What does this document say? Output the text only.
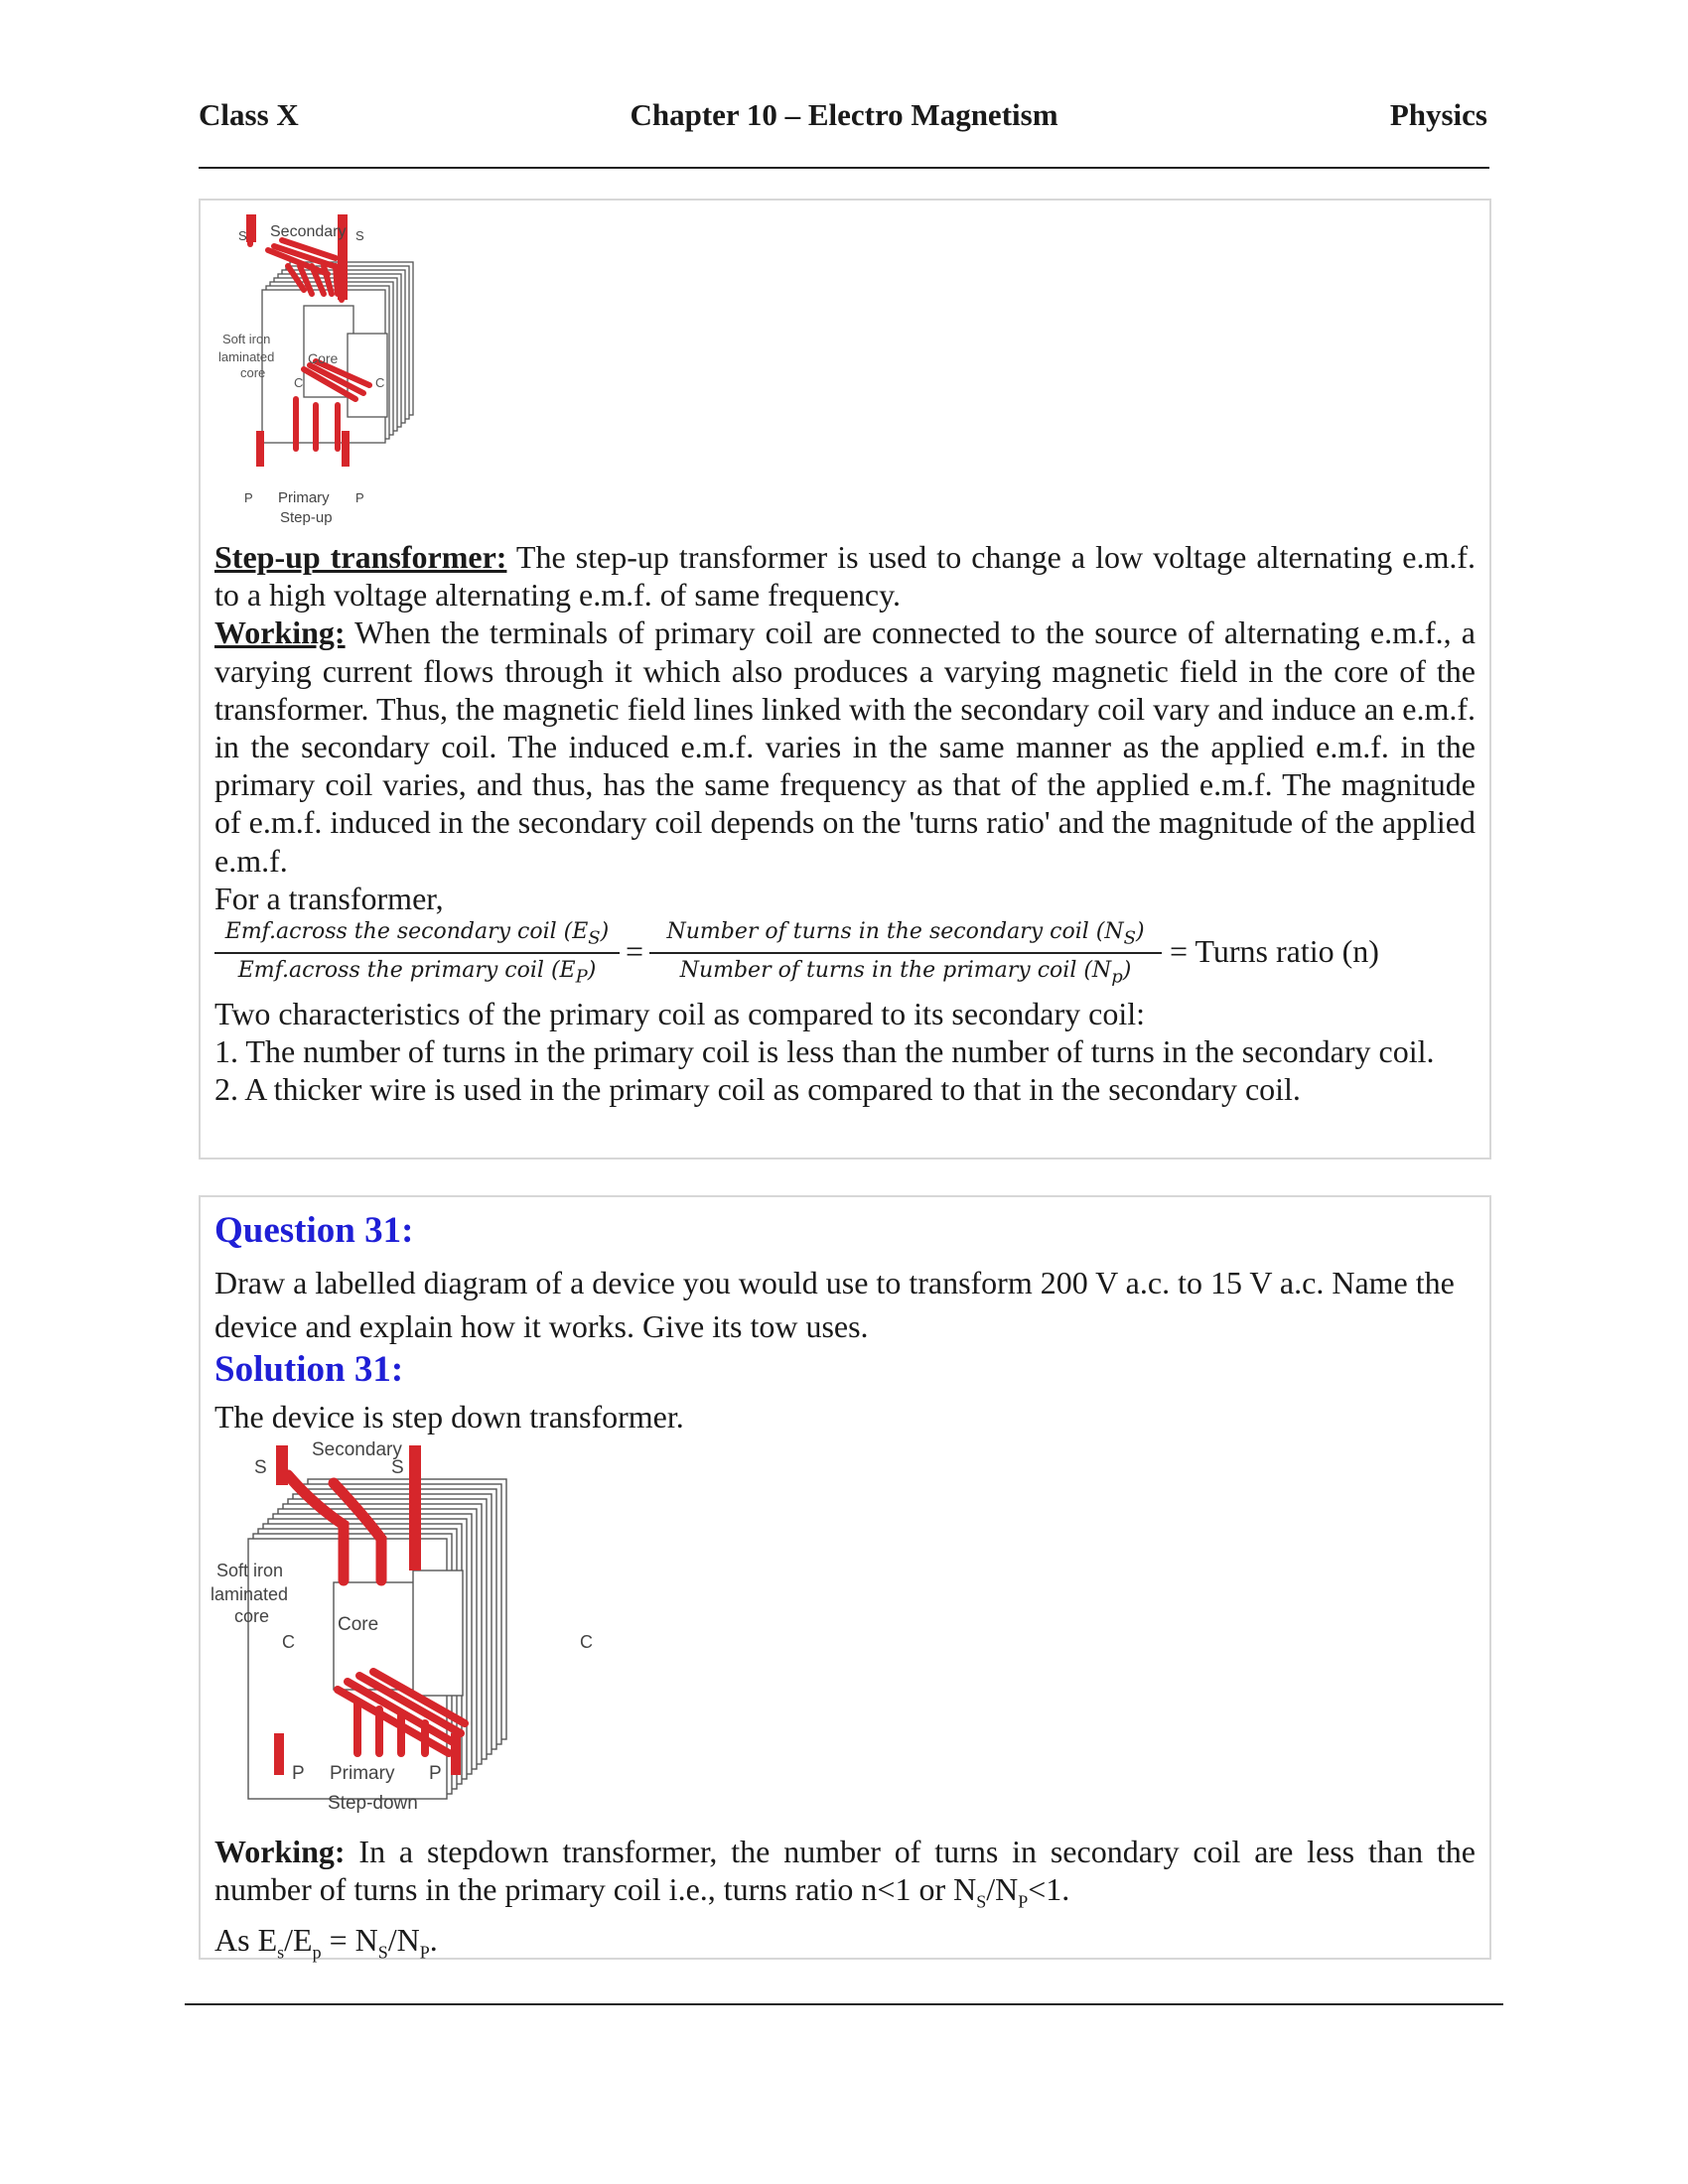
Class X	Chapter 10 – Electro Magnetism	Physics
S Secondary S
Soft iron
laminated
core
Core
C	C
P Primary P
Step-up

Step-up transformer: The step-up transformer is used to change a low voltage alternating e.m.f. to a high voltage alternating e.m.f. of same frequency.

Working: When the terminals of primary coil are connected to the source of alternating e.m.f., a varying current flows through it which also produces a varying magnetic field in the core of the transformer. Thus, the magnetic field lines linked with the secondary coil vary and induce an e.m.f. in the secondary coil. The induced e.m.f. varies in the same manner as the applied e.m.f. in the primary coil varies, and thus, has the same frequency as that of the applied e.m.f. The magnitude of e.m.f. induced in the secondary coil depends on the 'turns ratio' and the magnitude of the applied e.m.f.

For a transformer,

Emf.across the secondary coil $(E_S)$
Emf.across the primary coil $(E_P)$
=
Number of turns in the secondary coil $(N_S)$
Number of turns in the primary coil $(N_p)$
= Turns ratio (n)

Two characteristics of the primary coil as compared to its secondary coil:

1. The number of turns in the primary coil is less than the number of turns in the secondary coil.

2. A thicker wire is used in the primary coil as compared to that in the secondary coil.

Question 31:
Draw a labelled diagram of a device you would use to transform 200 V a.c. to 15 V a.c. Name the device and explain how it works. Give its tow uses.
Solution 31:
The device is step down transformer.
Secondary
S	S
Soft iron
laminated
core	Core
C	C
P Primary P
Step-down

Working: In a stepdown transformer, the number of turns in secondary coil are less than the number of turns in the primary coil i.e., turns ratio n<1 or $N_S/N_P<1$.

As $E_s/E_p = N_S/N_P$.
